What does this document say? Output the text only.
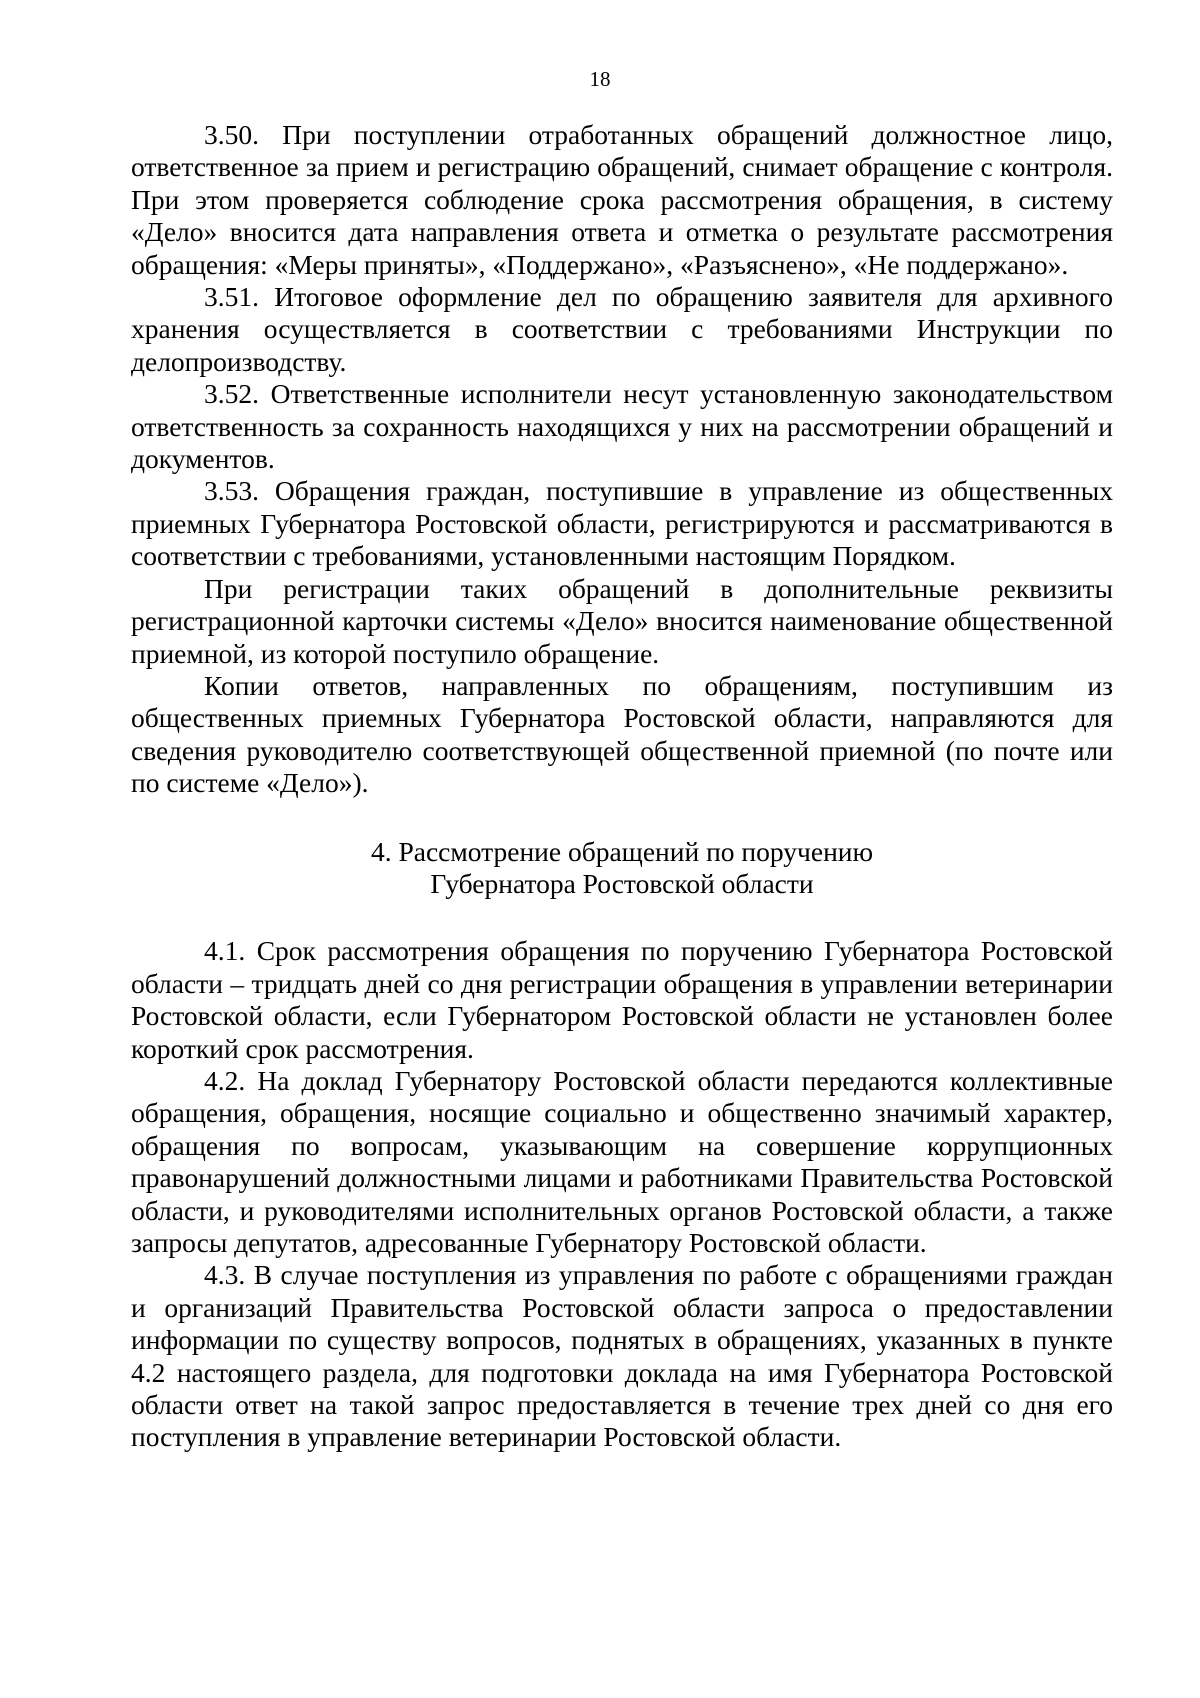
18

3.50. При поступлении отработанных обращений должностное лицо, ответственное за прием и регистрацию обращений, снимает обращение с контроля. При этом проверяется соблюдение срока рассмотрения обращения, в систему «Дело» вносится дата направления ответа и отметка о результате рассмотрения обращения: «Меры приняты», «Поддержано», «Разъяснено», «Не поддержано».

3.51. Итоговое оформление дел по обращению заявителя для архивного хранения осуществляется в соответствии с требованиями Инструкции по делопроизводству.

3.52. Ответственные исполнители несут установленную законодательством ответственность за сохранность находящихся у них на рассмотрении обращений и документов.

3.53. Обращения граждан, поступившие в управление из общественных приемных Губернатора Ростовской области, регистрируются и рассматриваются в соответствии с требованиями, установленными настоящим Порядком.

При регистрации таких обращений в дополнительные реквизиты регистрационной карточки системы «Дело» вносится наименование общественной приемной, из которой поступило обращение.

Копии ответов, направленных по обращениям, поступившим из общественных приемных Губернатора Ростовской области, направляются для сведения руководителю соответствующей общественной приемной (по почте или по системе «Дело»).

4. Рассмотрение обращений по поручению
Губернатора Ростовской области

4.1. Срок рассмотрения обращения по поручению Губернатора Ростовской области – тридцать дней со дня регистрации обращения в управлении ветеринарии Ростовской области, если Губернатором Ростовской области не установлен более короткий срок рассмотрения.

4.2. На доклад Губернатору Ростовской области передаются коллективные обращения, обращения, носящие социально и общественно значимый характер, обращения по вопросам, указывающим на совершение коррупционных правонарушений должностными лицами и работниками Правительства Ростовской области, и руководителями исполнительных органов Ростовской области, а также запросы депутатов, адресованные Губернатору Ростовской области.

4.3. В случае поступления из управления по работе с обращениями граждан и организаций Правительства Ростовской области запроса о предоставлении информации по существу вопросов, поднятых в обращениях, указанных в пункте 4.2 настоящего раздела, для подготовки доклада на имя Губернатора Ростовской области ответ на такой запрос предоставляется в течение трех дней со дня его поступления в управление ветеринарии Ростовской области.
